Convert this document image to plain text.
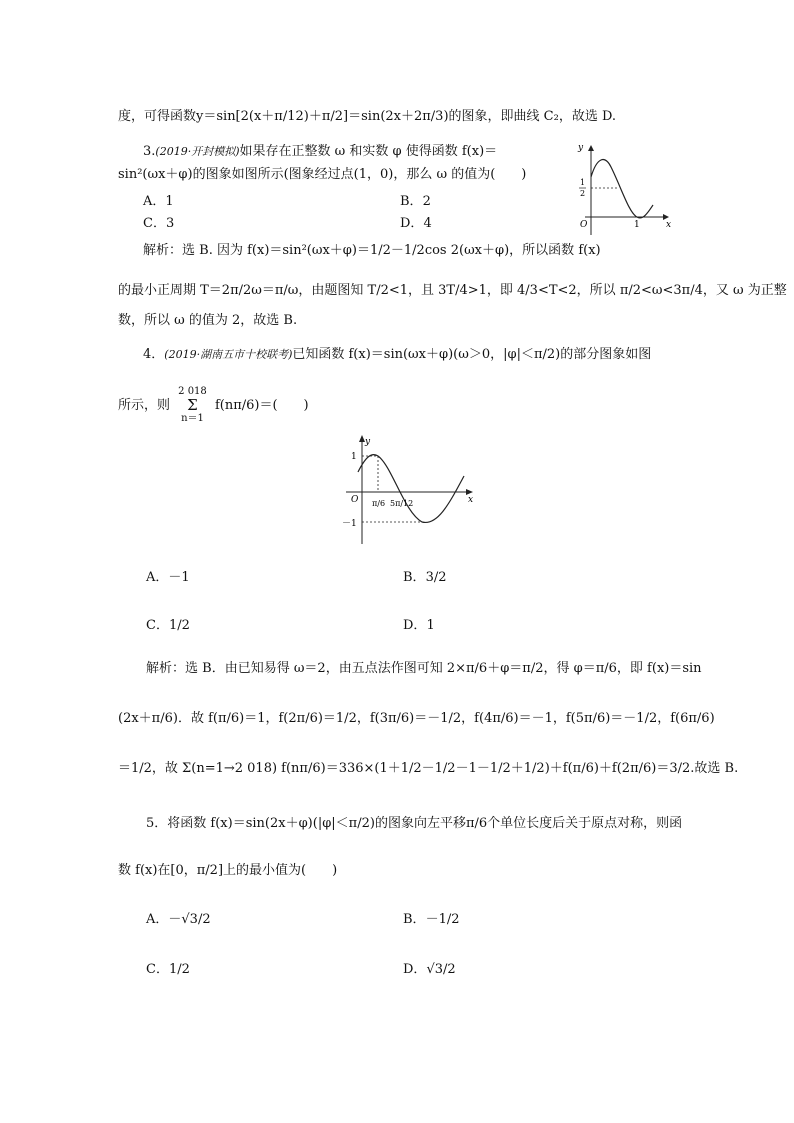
度，可得函数y＝sin[2(x＋π/12)＋π/2]＝sin(2x＋2π/3)的图象，即曲线 C₂，故选 D.
3.(2019·开封模拟)如果存在正整数 ω 和实数 φ 使得函数 f(x)＝
sin²(ωx＋φ)的图象如图所示(图象经过点(1，0)，那么 ω 的值为(　　)
A．1	B．2
C．3	D．4
y
x
O
1
2
1
解析：选 B. 因为 f(x)＝sin²(ωx＋φ)＝1/2－1/2cos 2(ωx＋φ)，所以函数 f(x)
的最小正周期 T＝2π/2ω＝π/ω，由题图知 T/2<1，且 3T/4>1，即 4/3<T<2，所以 π/2<ω<3π/4，又 ω 为正整
数，所以 ω 的值为 2，故选 B.
4．(2019·湖南五市十校联考)已知函数 f(x)＝sin(ωx＋φ)(ω＞0，|φ|＜π/2)的部分图象如图
所示，则 2 018
Σ
n＝1 f(nπ/6)＝(　　)
y
x
O
1
－1
π/6 5π/12
A．－1	B．3/2
C．1/2	D．1
解析：选 B．由已知易得 ω＝2，由五点法作图可知 2×π/6＋φ＝π/2，得 φ＝π/6，即 f(x)＝sin
(2x＋π/6)．故 f(π/6)＝1，f(2π/6)＝1/2，f(3π/6)＝－1/2，f(4π/6)＝－1，f(5π/6)＝－1/2，f(6π/6)
＝1/2，故 Σ(n=1→2 018) f(nπ/6)＝336×(1＋1/2－1/2－1－1/2＋1/2)＋f(π/6)＋f(2π/6)＝3/2.故选 B.
5．将函数 f(x)＝sin(2x＋φ)(|φ|＜π/2)的图象向左平移π/6个单位长度后关于原点对称，则函
数 f(x)在[0，π/2]上的最小值为(　　)
A．－√3/2	B．－1/2
C．1/2	D．√3/2
